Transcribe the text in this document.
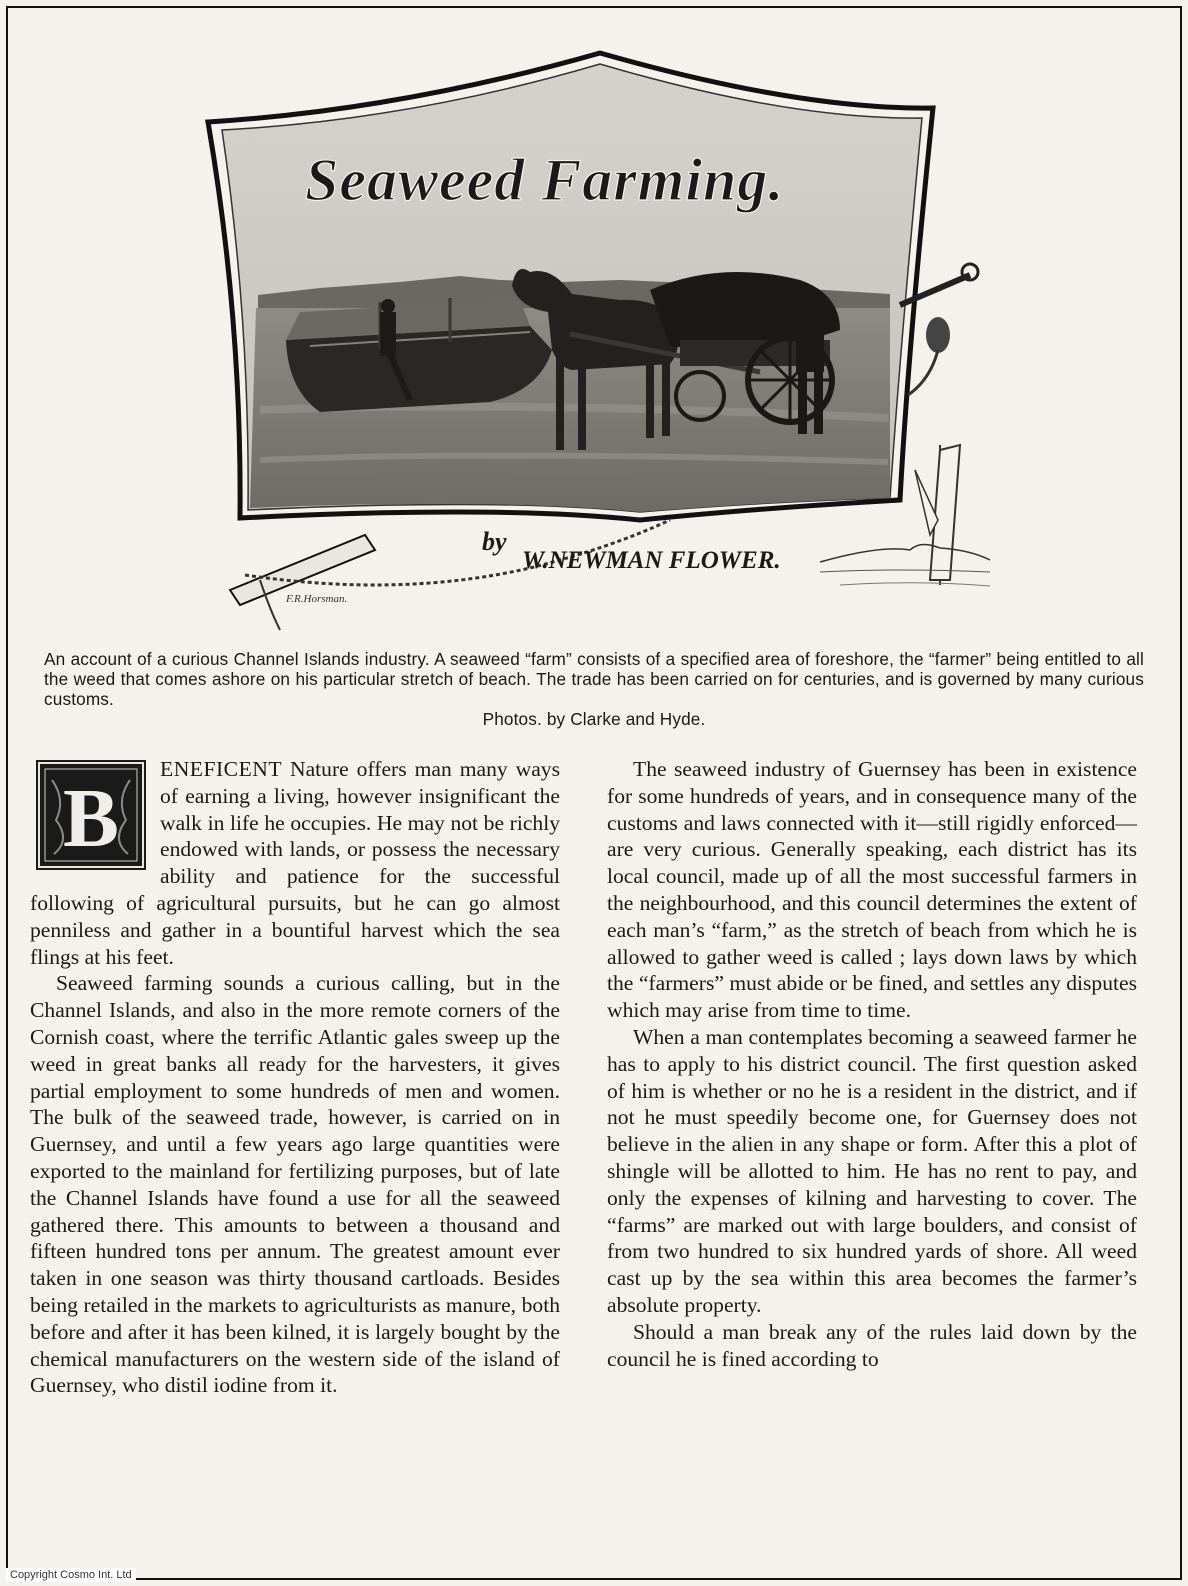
Seaweed Farming.
by
W.NEWMAN FLOWER.
F.R.Horsman.
An account of a curious Channel Islands industry. A seaweed “farm” consists of a specified area of foreshore, the “farmer” being entitled to all the weed that comes ashore on his particular stretch of beach. The trade has been carried on for centuries, and is governed by many curious customs.
Photos. by Clarke and Hyde.

B
ENEFICENT Nature offers man many ways of earning a living, however insignificant the walk in life he occupies. He may not be richly endowed with lands, or possess the necessary ability and patience for the successful following of agricultural pursuits, but he can go almost penniless and gather in a bountiful harvest which the sea flings at his feet.

Seaweed farming sounds a curious calling, but in the Channel Islands, and also in the more remote corners of the Cornish coast, where the terrific Atlantic gales sweep up the weed in great banks all ready for the harvesters, it gives partial employment to some hundreds of men and women. The bulk of the seaweed trade, however, is carried on in Guernsey, and until a few years ago large quantities were exported to the mainland for fertilizing purposes, but of late the Channel Islands have found a use for all the seaweed gathered there. This amounts to between a thousand and fifteen hundred tons per annum. The greatest amount ever taken in one season was thirty thousand cartloads. Besides being retailed in the markets to agriculturists as manure, both before and after it has been kilned, it is largely bought by the chemical manufacturers on the western side of the island of Guernsey, who distil iodine from it.

The seaweed industry of Guernsey has been in existence for some hundreds of years, and in consequence many of the customs and laws connected with it—still rigidly enforced—are very curious. Generally speaking, each district has its local council, made up of all the most successful farmers in the neighbourhood, and this council determines the extent of each man’s “farm,” as the stretch of beach from which he is allowed to gather weed is called ; lays down laws by which the “farmers” must abide or be fined, and settles any disputes which may arise from time to time.

When a man contemplates becoming a seaweed farmer he has to apply to his district council. The first question asked of him is whether or no he is a resident in the district, and if not he must speedily become one, for Guernsey does not believe in the alien in any shape or form. After this a plot of shingle will be allotted to him. He has no rent to pay, and only the expenses of kilning and harvesting to cover. The “farms” are marked out with large boulders, and consist of from two hundred to six hundred yards of shore. All weed cast up by the sea within this area becomes the farmer’s absolute property.

Should a man break any of the rules laid down by the council he is fined according to

Copyright Cosmo Int. Ltd
